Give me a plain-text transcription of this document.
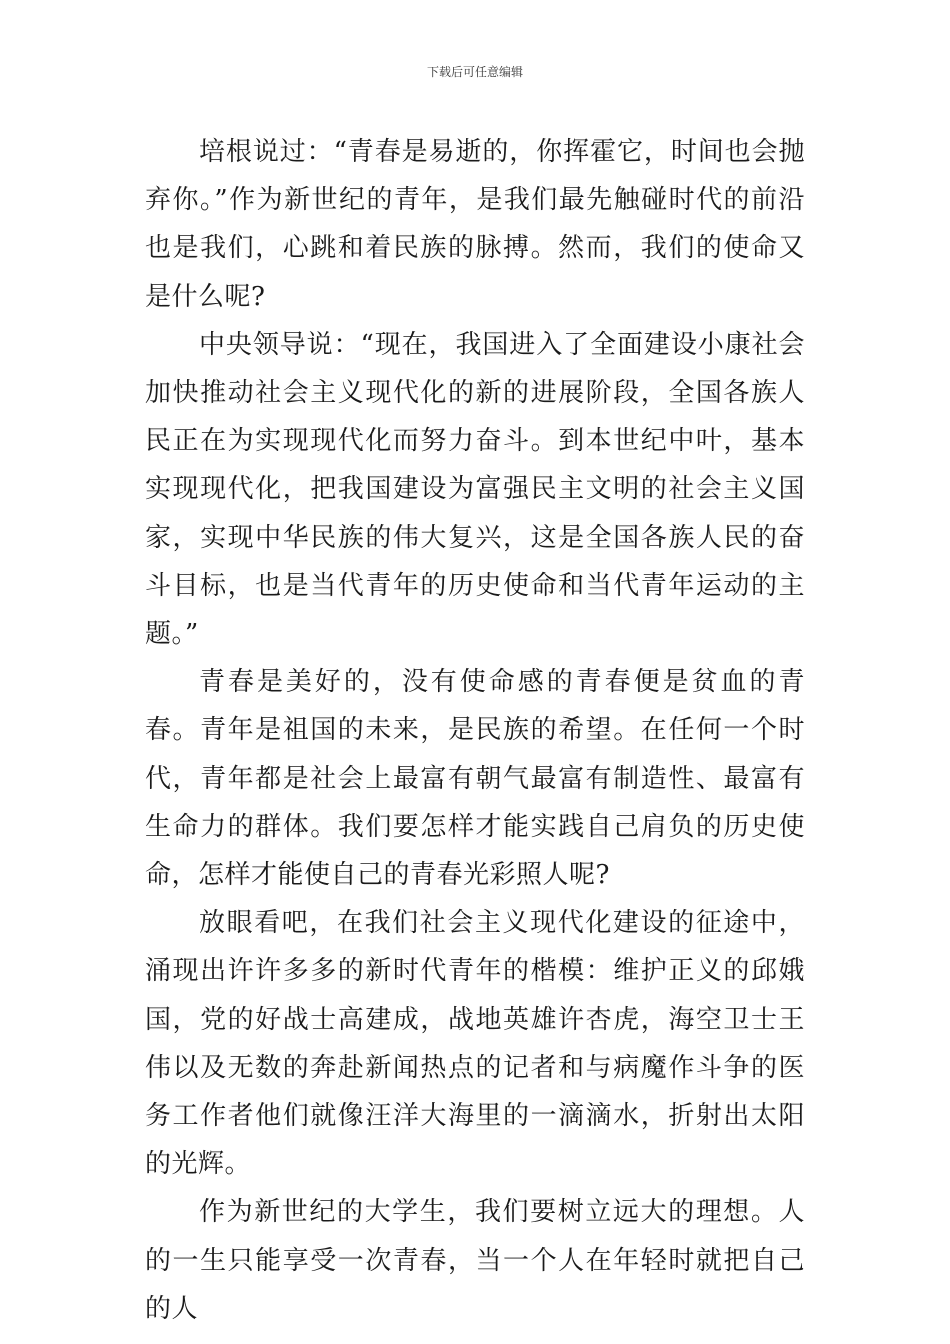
下载后可任意编辑

培根说过：“青春是易逝的，你挥霍它，时间也会抛弃你。”作为新世纪的青年，是我们最先触碰时代的前沿也是我们，心跳和着民族的脉搏。然而，我们的使命又是什么呢?

中央领导说：“现在，我国进入了全面建设小康社会加快推动社会主义现代化的新的进展阶段，全国各族人民正在为实现现代化而努力奋斗。到本世纪中叶，基本实现现代化，把我国建设为富强民主文明的社会主义国家，实现中华民族的伟大复兴，这是全国各族人民的奋斗目标，也是当代青年的历史使命和当代青年运动的主题。”

青春是美好的，没有使命感的青春便是贫血的青春。青年是祖国的未来，是民族的希望。在任何一个时代，青年都是社会上最富有朝气最富有制造性、最富有生命力的群体。我们要怎样才能实践自己肩负的历史使命，怎样才能使自己的青春光彩照人呢?

放眼看吧，在我们社会主义现代化建设的征途中，涌现出许许多多的新时代青年的楷模：维护正义的邱娥国，党的好战士高建成，战地英雄许杏虎，海空卫士王伟以及无数的奔赴新闻热点的记者和与病魔作斗争的医务工作者他们就像汪洋大海里的一滴滴水，折射出太阳的光辉。

作为新世纪的大学生，我们要树立远大的理想。人的一生只能享受一次青春，当一个人在年轻时就把自己的人
